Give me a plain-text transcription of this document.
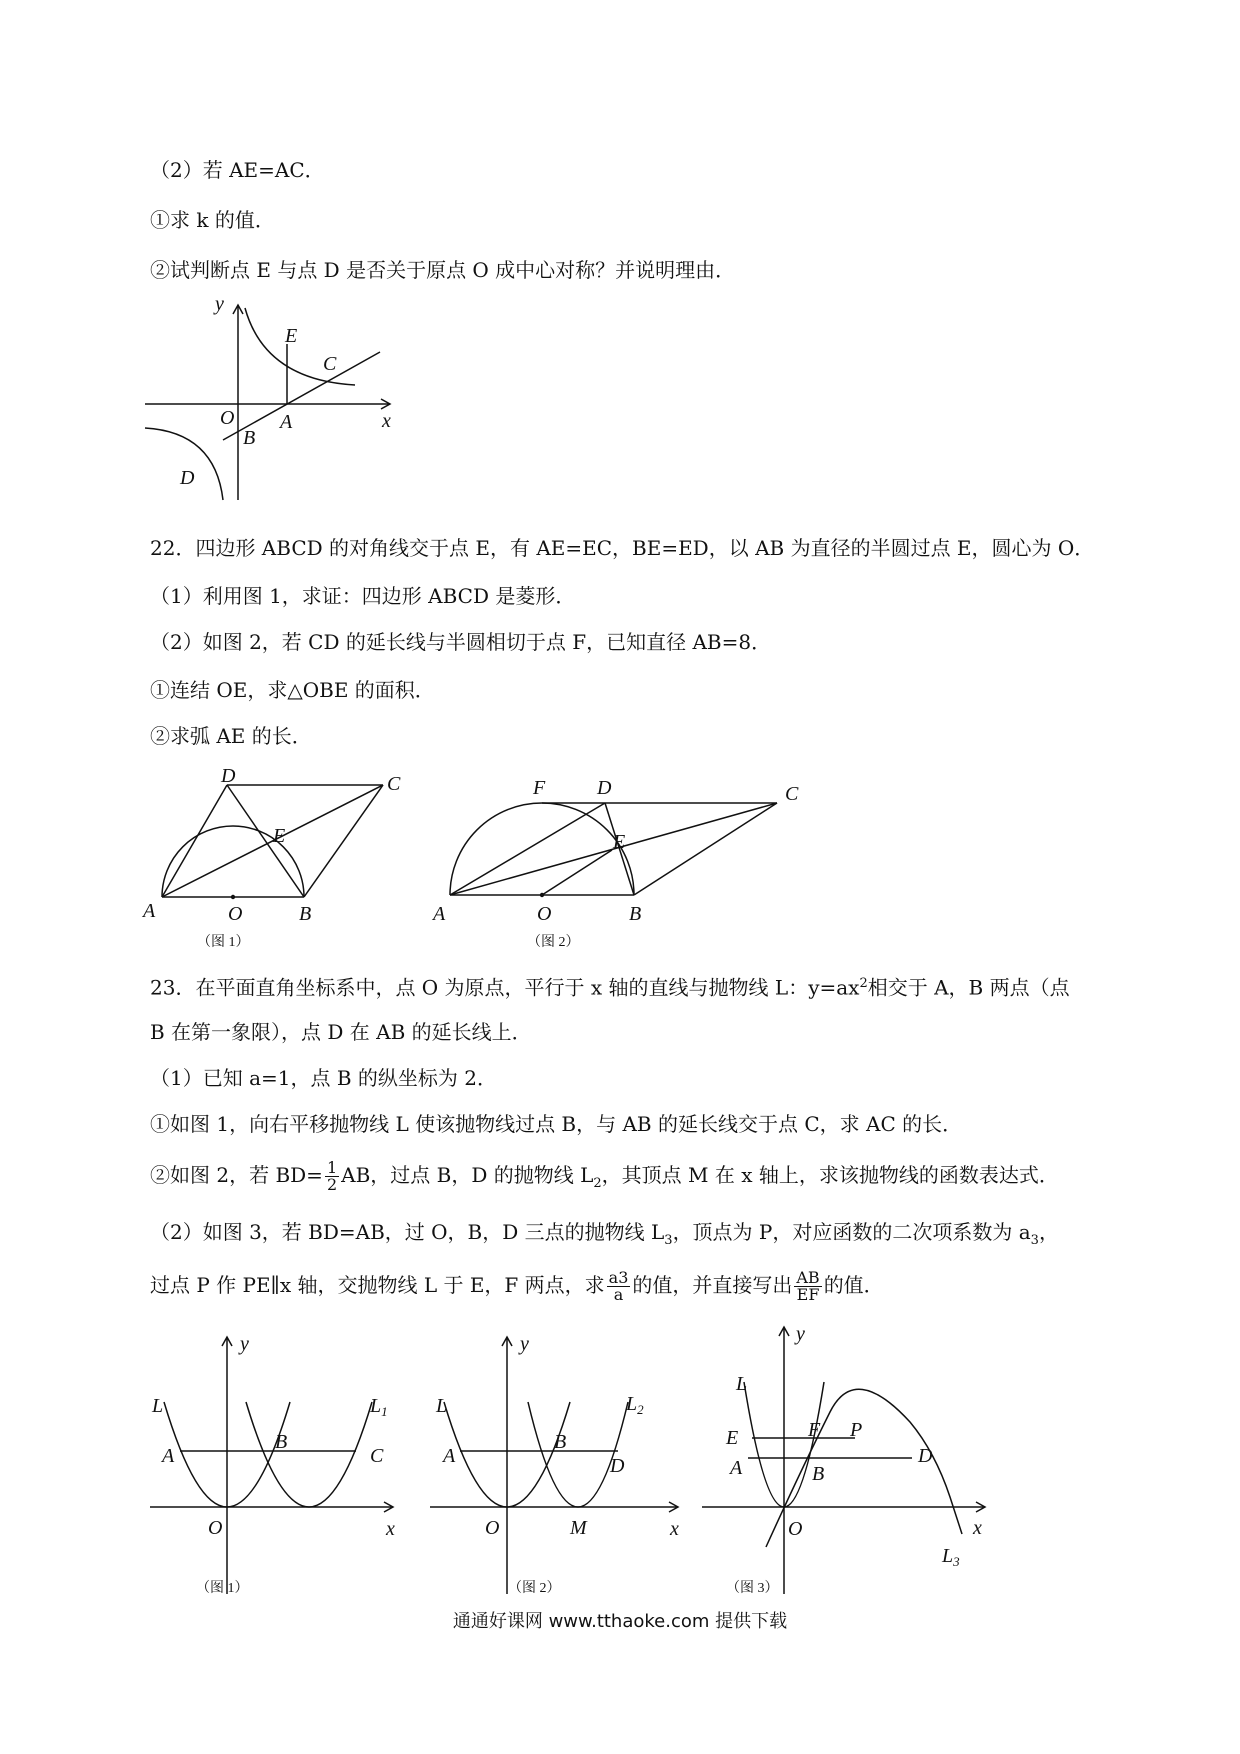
（2）若 AE=AC．
①求 k 的值．
②试判断点 E 与点 D 是否关于原点 O 成中心对称？并说明理由．
y
x
O
E
C
A
B
D
22．四边形 ABCD 的对角线交于点 E，有 AE=EC，BE=ED，以 AB 为直径的半圆过点 E，圆心为 O．
（1）利用图 1，求证：四边形 ABCD 是菱形．
（2）如图 2，若 CD 的延长线与半圆相切于点 F，已知直径 AB=8．
①连结 OE，求△OBE 的面积．
②求弧 AE 的长．
A	O	B
C
D
E
（图 1）
A	O	B
C
D
E
F
（图 2）
23．在平面直角坐标系中，点 O 为原点，平行于 x 轴的直线与抛物线 L：$y=ax^2$相交于 A，B 两点（点
B 在第一象限），点 D 在 AB 的延长线上．
（1）已知 a=1，点 B 的纵坐标为 2．
①如图 1，向右平移抛物线 L 使该抛物线过点 B，与 AB 的延长线交于点 C，求 AC 的长．
②如图 2，若 $BD= \frac{1}{2}$ AB，过点 B，D 的抛物线 $L_2$，其顶点 M 在 x 轴上，求该抛物线的函数表达式．
（2）如图 3，若 BD=AB，过 O，B，D 三点的抛物线 $L_3$，顶点为 P，对应函数的二次项系数为 $a_3$，
过点 P 作 PE∥x 轴，交抛物线 L 于 E，F 两点，求 $\frac{a3}{a}$ 的值，并直接写出 $\frac{AB}{EF}$ 的值．
y
x
O
L	$L_1$
A
B
C
（图 1）
y
x
O
L	$L_2$
A
B
D
M
（图 2）
y
x
O
L
$L_3$
E	F P
A	B
D
（图 3）
通通好课网 www.tthaoke.com 提供下载
